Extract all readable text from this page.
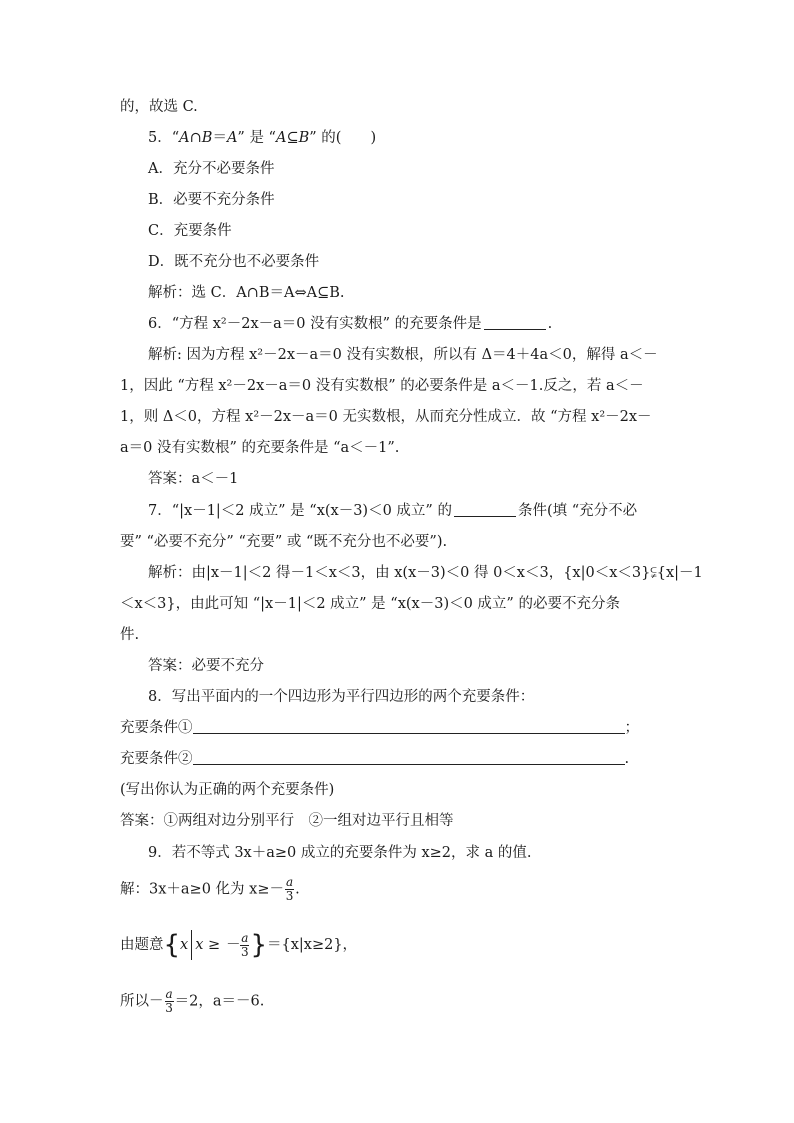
的，故选 C.
5．“A∩B＝A” 是 “A⊆B” 的(　　)
A．充分不必要条件
B．必要不充分条件
C．充要条件
D．既不充分也不必要条件
解析：选 C．A∩B＝A⇔A⊆B.
6．“方程 x²－2x－a＝0 没有实数根” 的充要条件是	.
解析: 因为方程 x²－2x－a＝0 没有实数根，所以有 Δ＝4＋4a＜0，解得 a＜－
1，因此 “方程 x²－2x－a＝0 没有实数根” 的必要条件是 a＜－1.反之，若 a＜－
1，则 Δ＜0，方程 x²－2x－a＝0 无实数根，从而充分性成立．故 “方程 x²－2x－
a＝0 没有实数根” 的充要条件是 “a＜－1”.
答案：a＜－1
7．“|x－1|＜2 成立” 是 “x(x－3)＜0 成立” 的	条件(填 “充分不必
要” “必要不充分” “充要” 或 “既不充分也不必要”).
解析：由|x－1|＜2 得－1＜x＜3，由 x(x－3)＜0 得 0＜x＜3，{x|0＜x＜3}⫋{x|－1
＜x＜3}，由此可知 “|x－1|＜2 成立” 是 “x(x－3)＜0 成立” 的必要不充分条
件.
答案：必要不充分
8．写出平面内的一个四边形为平行四边形的两个充要条件：
充要条件①	；
充要条件②	.
(写出你认为正确的两个充要条件)
答案：①两组对边分别平行　②一组对边平行且相等
9．若不等式 3x＋a≥0 成立的充要条件为 x≥2，求 a 的值.
解：3x＋a≥0 化为 $x\ge- \frac{a}{3}$ .
由题意{x x ≥ － $\frac{a}{3} \}=\{x|x\ge 2\}$，
所以－ $\frac{a}{3} =2$，a＝－6.
